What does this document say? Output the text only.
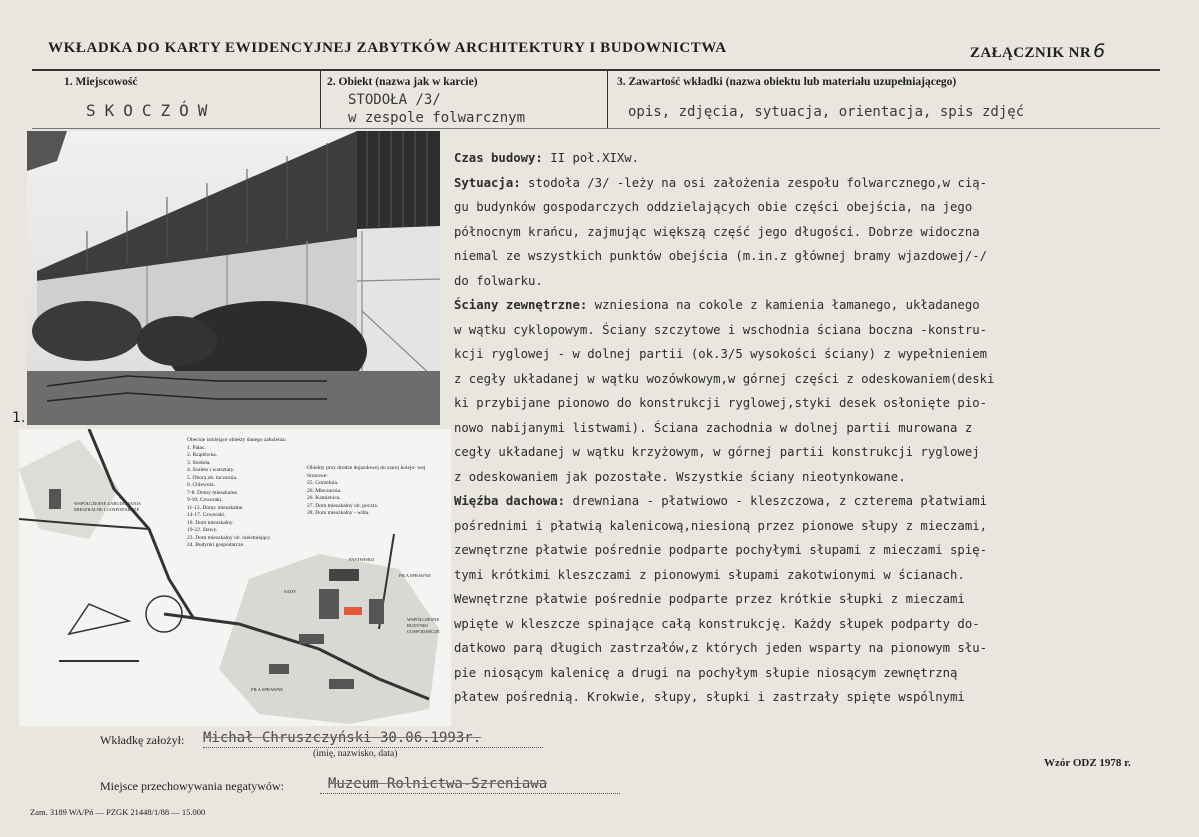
WKŁADKA DO KARTY EWIDENCYJNEJ ZABYTKÓW ARCHITEKTURY I BUDOWNICTWA	ZAŁĄCZNIK NR 6
1. Miejscowość
SKOCZÓW
2. Obiekt (nazwa jak w karcie)
STODOŁA /3/
w zespole folwarcznym
3. Zawartość wkładki (nazwa obiektu lub materiału uzupełniającego)
opis, zdjęcia, sytuacja, orientacja, spis zdjęć
1.
Obecnie istniejące obiekty danego założenia:
1. Pałac.
2. Rządówka.
3. Stodoła.
4. Szalets i warsztaty.
5. Obora ob. tuczarnia.
6. Chlewnia.
7-8. Domy mieszkalne.
9-10. Czworaki.
11-13. Domy mieszkalne.
14-17. Czworaki.
18. Dom mieszkalny.
19-22. Stawy.
23. Dom mieszkalny ob. nieistniejący.
24. Budynki gospodarcze.
Obiekty przy drodze dojazdowej do starej kolejo- wej Sruzowe:
25. Gorzelnia.
26. Mleczarnia.
26. Kamienica.
27. Dom mieszkalny ob. poczta.
28. Dom mieszkalny - willa.
WSPÓŁCZESNE ZABUDOWANIA MIESZKALNE I GOSPODARCZE
PIŁA SPRAWNE
PASTWISKO
WSPÓŁCZESNE BUDYNKI GOSPODARCZE
PIŁA SPRAWNE
SADY
Czas budowy: II poł.XIXw.
Sytuacja: stodoła /3/ -leży na osi założenia zespołu folwarcznego,w cią-
gu budynków gospodarczych oddzielających obie części obejścia, na jego
północnym krańcu, zajmując większą część jego długości. Dobrze widoczna
niemal ze wszystkich punktów obejścia (m.in.z głównej bramy wjazdowej/-/
do folwarku.
Ściany zewnętrzne: wzniesiona na cokole z kamienia łamanego, układanego
w wątku cyklopowym. Ściany szczytowe i wschodnia ściana boczna -konstru-
kcji ryglowej - w dolnej partii (ok.3/5 wysokości ściany) z wypełnieniem
z cegły układanej w wątku wozówkowym,w górnej części z odeskowaniem(deski
ki przybijane pionowo do konstrukcji ryglowej,styki desek osłonięte pio-
nowo nabijanymi listwami). Ściana zachodnia w dolnej partii murowana z
cegły układanej w wątku krzyżowym, w górnej partii konstrukcji ryglowej
z odeskowaniem jak pozostałe. Wszystkie ściany nieotynkowane.
Więźba dachowa: drewniana - płatwiowo - kleszczowa, z czterema płatwiami
pośrednimi i płatwią kalenicową,niesioną przez pionowe słupy z mieczami,
zewnętrzne płatwie pośrednie podparte pochyłymi słupami z mieczami spię-
tymi krótkimi kleszczami z pionowymi słupami zakotwionymi w ścianach.
Wewnętrzne płatwie pośrednie podparte przez krótkie słupki z mieczami
wpięte w kleszcze spinające całą konstrukcję. Każdy słupek podparty do-
datkowo parą długich zastrzałów,z których jeden wsparty na pionowym słu-
pie niosącym kalenicę a drugi na pochyłym słupie niosącym zewnętrzną
płatew pośrednią. Krokwie, słupy, słupki i zastrzały spięte wspólnymi
Wkładkę założył: Michał Chruszczyński 30.06.1993r.
(imię, nazwisko, data)
Wzór ODZ 1978 r.
Miejsce przechowywania negatywów:	Muzeum Rolnictwa-Szreniawa
Zam. 3189 WA/Pń — PZGK 21448/1/88 — 15.000
